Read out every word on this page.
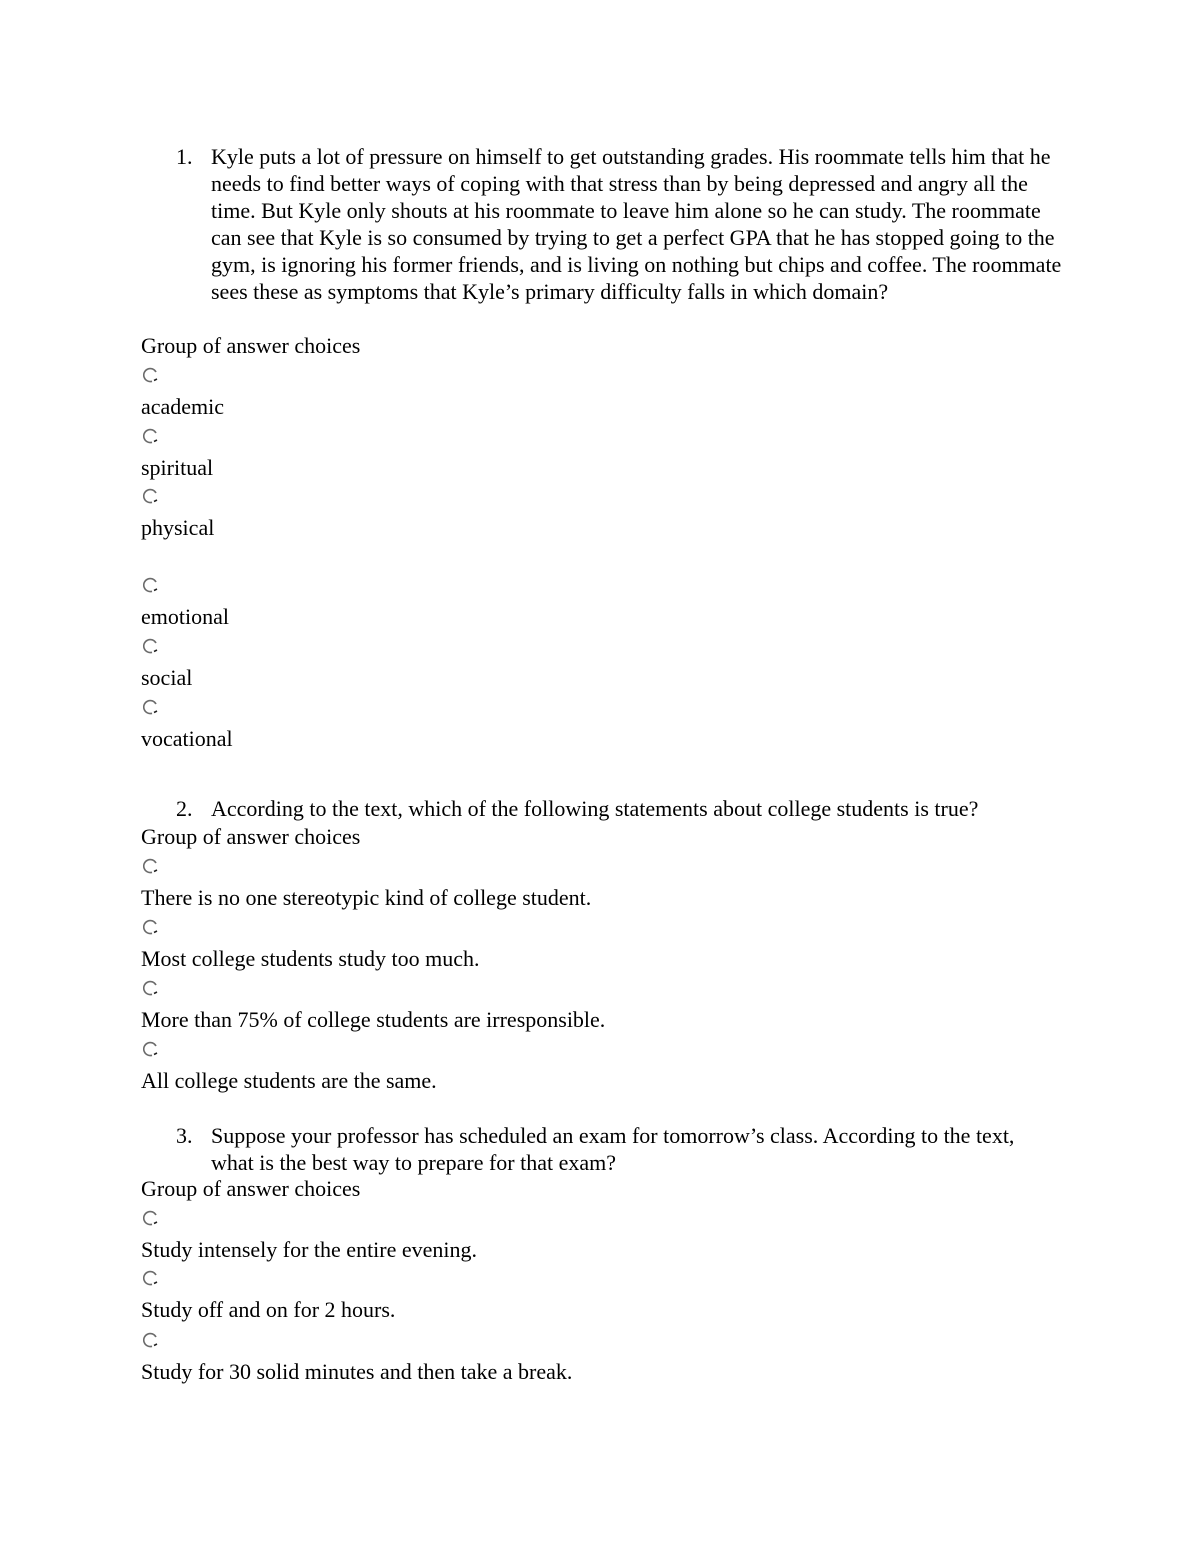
1. Kyle puts a lot of pressure on himself to get outstanding grades. His roommate tells him that he needs to find better ways of coping with that stress than by being depressed and angry all the time. But Kyle only shouts at his roommate to leave him alone so he can study. The roommate can see that Kyle is so consumed by trying to get a perfect GPA that he has stopped going to the gym, is ignoring his former friends, and is living on nothing but chips and coffee. The roommate sees these as symptoms that Kyle’s primary difficulty falls in which domain?
Group of answer choices
academic
spiritual
physical
emotional
social
vocational
2. According to the text, which of the following statements about college students is true?
Group of answer choices
There is no one stereotypic kind of college student.
Most college students study too much.
More than 75% of college students are irresponsible.
All college students are the same.
3. Suppose your professor has scheduled an exam for tomorrow’s class. According to the text, what is the best way to prepare for that exam?
Group of answer choices
Study intensely for the entire evening.
Study off and on for 2 hours.
Study for 30 solid minutes and then take a break.
